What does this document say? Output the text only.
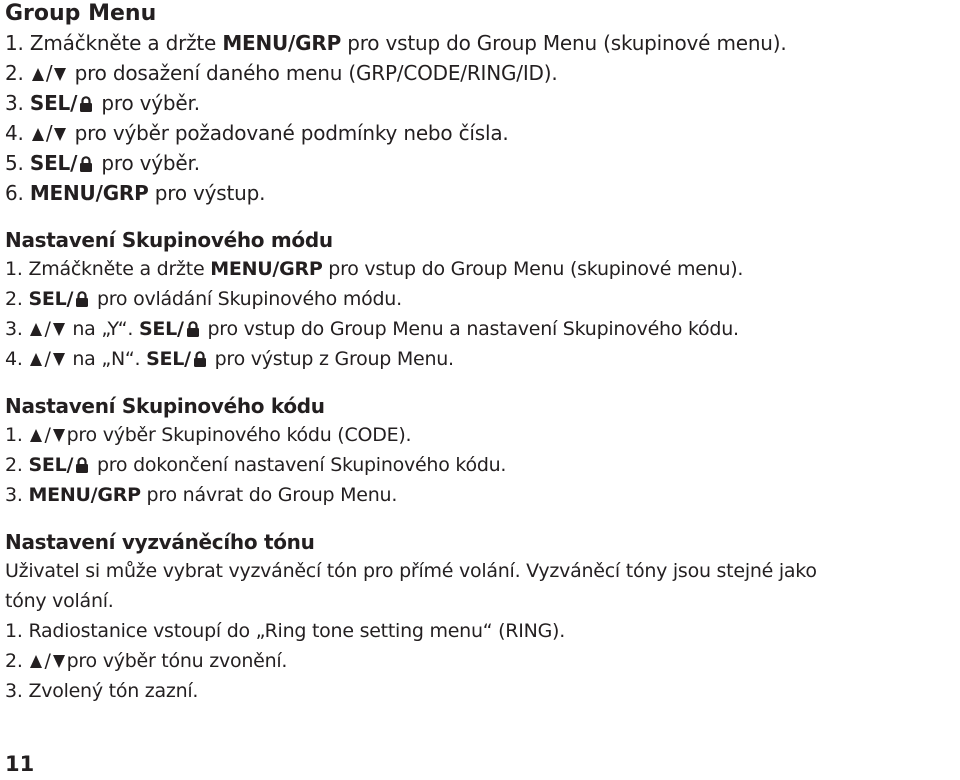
Group Menu
1. Zmáčkněte a držte MENU/GRP pro vstup do Group Menu (skupinové menu).
2. / pro dosažení daného menu (GRP/CODE/RING/ID).
3. SEL/ pro výběr.
4. / pro výběr požadované podmínky nebo čísla.
5. SEL/ pro výběr.
6. MENU/GRP pro výstup.
Nastavení Skupinového módu
1. Zmáčkněte a držte MENU/GRP pro vstup do Group Menu (skupinové menu).
2. SEL/ pro ovládání Skupinového módu.
3. / na „Y“. SEL/ pro vstup do Group Menu a nastavení Skupinového kódu.
4. / na „N“. SEL/ pro výstup z Group Menu.
Nastavení Skupinového kódu
1. / pro výběr Skupinového kódu (CODE).
2. SEL/ pro dokončení nastavení Skupinového kódu.
3. MENU/GRP pro návrat do Group Menu.
Nastavení vyzváněcího tónu
Uživatel si může vybrat vyzváněcí tón pro přímé volání. Vyzváněcí tóny jsou stejné jako
tóny volání.
1. Radiostanice vstoupí do „Ring tone setting menu“ (RING).
2. / pro výběr tónu zvonění.
3. Zvolený tón zazní.
11
